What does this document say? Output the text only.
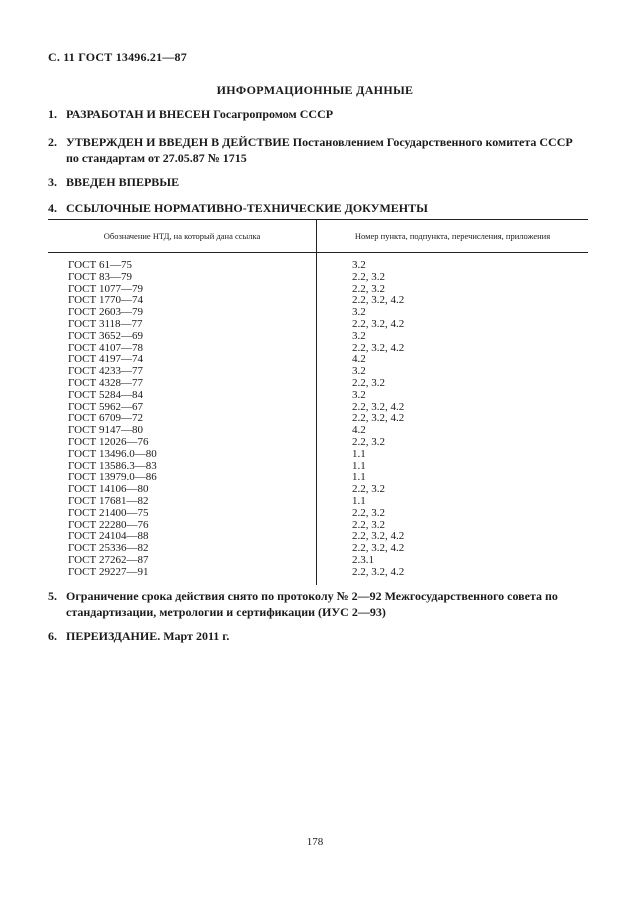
С. 11 ГОСТ 13496.21—87
ИНФОРМАЦИОННЫЕ ДАННЫЕ
1. РАЗРАБОТАН И ВНЕСЕН Госагропромом СССР
2. УТВЕРЖДЕН И ВВЕДЕН В ДЕЙСТВИЕ Постановлением Государственного комитета СССР по стандартам от 27.05.87 № 1715
3. ВВЕДЕН ВПЕРВЫЕ
4. ССЫЛОЧНЫЕ НОРМАТИВНО-ТЕХНИЧЕСКИЕ ДОКУМЕНТЫ
Обозначение НТД, на который дана ссылка	Номер пункта, подпункта, перечисления, приложения

ГОСТ 61—75	3.2
ГОСТ 83—79	2.2, 3.2
ГОСТ 1077—79	2.2, 3.2
ГОСТ 1770—74	2.2, 3.2, 4.2
ГОСТ 2603—79	3.2
ГОСТ 3118—77	2.2, 3.2, 4.2
ГОСТ 3652—69	3.2
ГОСТ 4107—78	2.2, 3.2, 4.2
ГОСТ 4197—74	4.2
ГОСТ 4233—77	3.2
ГОСТ 4328—77	2.2, 3.2
ГОСТ 5284—84	3.2
ГОСТ 5962—67	2.2, 3.2, 4.2
ГОСТ 6709—72	2.2, 3.2, 4.2
ГОСТ 9147—80	4.2
ГОСТ 12026—76	2.2, 3.2
ГОСТ 13496.0—80	1.1
ГОСТ 13586.3—83	1.1
ГОСТ 13979.0—86	1.1
ГОСТ 14106—80	2.2, 3.2
ГОСТ 17681—82	1.1
ГОСТ 21400—75	2.2, 3.2
ГОСТ 22280—76	2.2, 3.2
ГОСТ 24104—88	2.2, 3.2, 4.2
ГОСТ 25336—82	2.2, 3.2, 4.2
ГОСТ 27262—87	2.3.1
ГОСТ 29227—91	2.2, 3.2, 4.2

5. Ограничение срока действия снято по протоколу № 2—92 Межгосударственного совета по стандартизации, метрологии и сертификации (ИУС 2—93)
6. ПЕРЕИЗДАНИЕ. Март 2011 г.
178
